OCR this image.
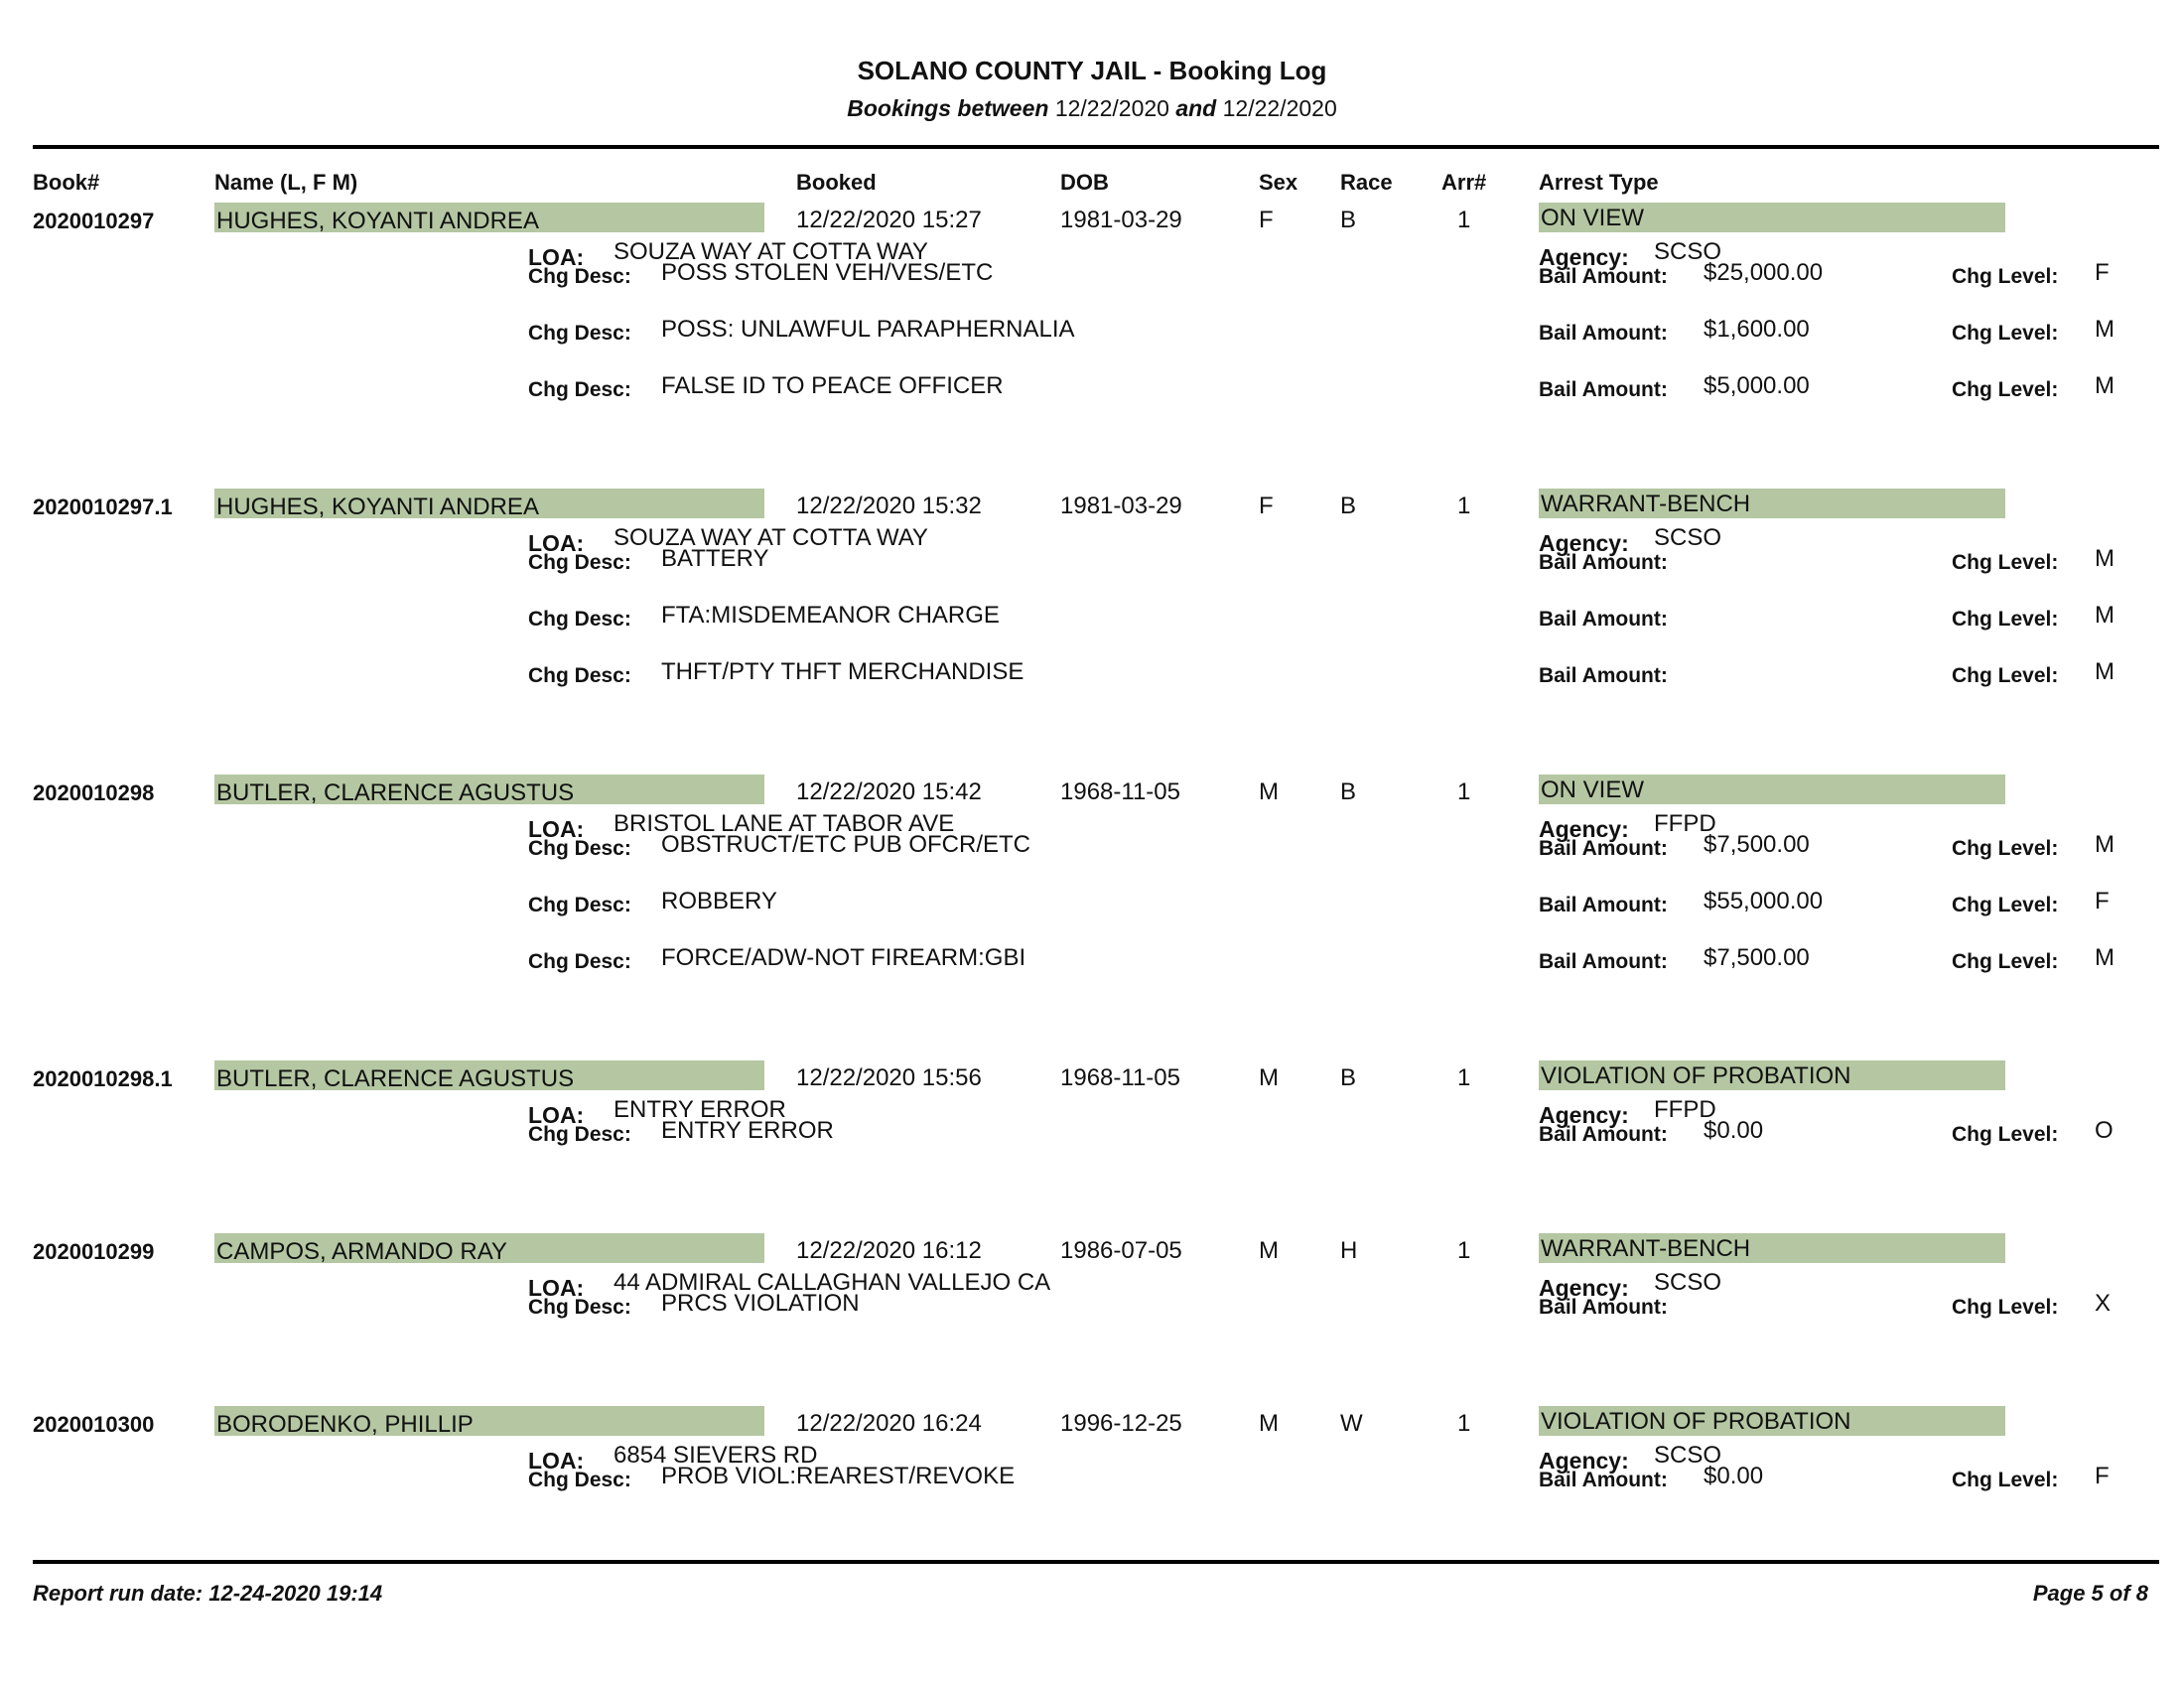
SOLANO COUNTY JAIL - Booking Log
Bookings between 12/22/2020 and 12/22/2020
Book#	Name (L, F M)	Booked	DOB	Sex Race Arr# Arrest Type
2020010297	HUGHES, KOYANTI ANDREA	12/22/2020 15:27	1981-03-29	F	B	1	ON VIEW
LOA: SOUZA WAY AT COTTA WAY	Agency: SCSO
Chg Desc: POSS STOLEN VEH/VES/ETC	Bail Amount: $25,000.00	Chg Level: F
Chg Desc: POSS: UNLAWFUL PARAPHERNALIA	Bail Amount: $1,600.00	Chg Level: M
Chg Desc: FALSE ID TO PEACE OFFICER	Bail Amount: $5,000.00	Chg Level: M
2020010297.1 HUGHES, KOYANTI ANDREA	12/22/2020 15:32	1981-03-29	F	B	1	WARRANT-BENCH
LOA: SOUZA WAY AT COTTA WAY	Agency: SCSO
Chg Desc: BATTERY	Bail Amount:	Chg Level: M
Chg Desc: FTA:MISDEMEANOR CHARGE	Bail Amount:	Chg Level: M
Chg Desc: THFT/PTY THFT MERCHANDISE	Bail Amount:	Chg Level: M
2020010298	BUTLER, CLARENCE AGUSTUS	12/22/2020 15:42	1968-11-05	M	B	1	ON VIEW
LOA: BRISTOL LANE AT TABOR AVE	Agency: FFPD
Chg Desc: OBSTRUCT/ETC PUB OFCR/ETC	Bail Amount: $7,500.00	Chg Level: M
Chg Desc: ROBBERY	Bail Amount: $55,000.00	Chg Level: F
Chg Desc: FORCE/ADW-NOT FIREARM:GBI	Bail Amount: $7,500.00	Chg Level: M
2020010298.1 BUTLER, CLARENCE AGUSTUS	12/22/2020 15:56	1968-11-05	M	B	1	VIOLATION OF PROBATION
LOA: ENTRY ERROR	Agency: FFPD
Chg Desc: ENTRY ERROR	Bail Amount: $0.00	Chg Level: O
2020010299	CAMPOS, ARMANDO RAY	12/22/2020 16:12	1986-07-05	M	H	1	WARRANT-BENCH
LOA: 44 ADMIRAL CALLAGHAN VALLEJO CA	Agency: SCSO
Chg Desc: PRCS VIOLATION	Bail Amount:	Chg Level: X
2020010300	BORODENKO, PHILLIP	12/22/2020 16:24	1996-12-25	M	W	1	VIOLATION OF PROBATION
LOA: 6854 SIEVERS RD	Agency: SCSO
Chg Desc: PROB VIOL:REAREST/REVOKE	Bail Amount: $0.00	Chg Level: F
Report run date: 12-24-2020 19:14	Page 5 of 8
